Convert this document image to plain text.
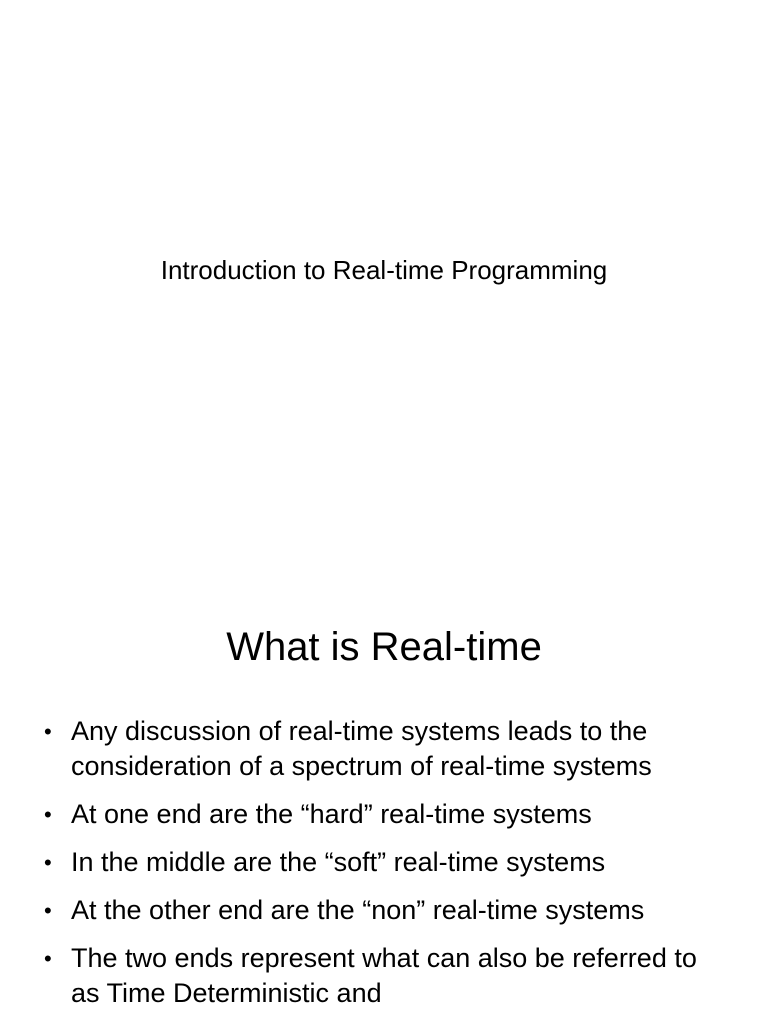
Introduction to Real-time Programming
What is Real-time
• Any discussion of real-time systems leads to the consideration of a spectrum of real-time systems
• At one end are the “hard” real-time systems
• In the middle are the “soft” real-time systems
• At the other end are the “non” real-time systems
• The two ends represent what can also be referred to as Time Deterministic and
